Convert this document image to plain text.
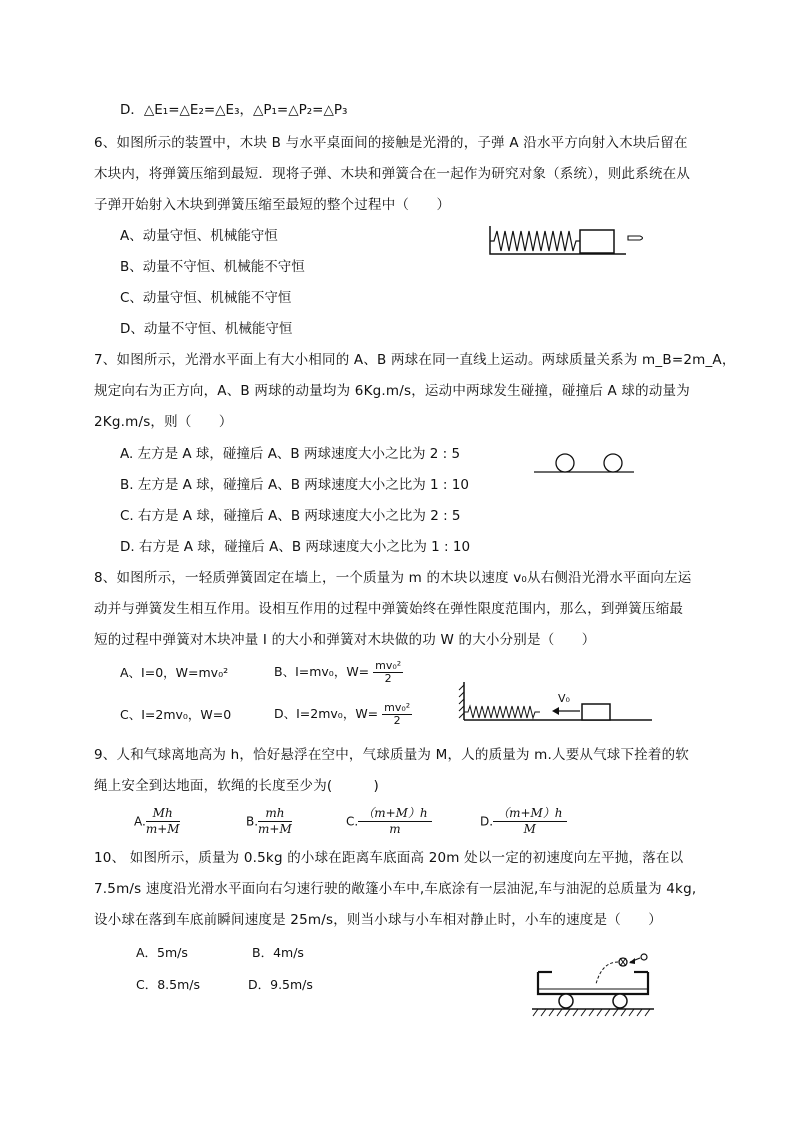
D．△E₁=△E₂=△E₃，△P₁=△P₂=△P₃
6、如图所示的装置中，木块 B 与水平桌面间的接触是光滑的，子弹 A 沿水平方向射入木块后留在
木块内，将弹簧压缩到最短．现将子弹、木块和弹簧合在一起作为研究对象（系统），则此系统在从
子弹开始射入木块到弹簧压缩至最短的整个过程中（　　）
A、动量守恒、机械能守恒
B、动量不守恒、机械能不守恒
C、动量守恒、机械能不守恒
D、动量不守恒、机械能守恒
7、如图所示，光滑水平面上有大小相同的 A、B 两球在同一直线上运动。两球质量关系为 m_B=2m_A，
规定向右为正方向，A、B 两球的动量均为 6Kg.m/s，运动中两球发生碰撞，碰撞后 A 球的动量为
2Kg.m/s，则（　　）
A. 左方是 A 球，碰撞后 A、B 两球速度大小之比为 2 : 5
B. 左方是 A 球，碰撞后 A、B 两球速度大小之比为 1 : 10
C. 右方是 A 球，碰撞后 A、B 两球速度大小之比为 2 : 5
D. 右方是 A 球，碰撞后 A、B 两球速度大小之比为 1 : 10
8、如图所示，一轻质弹簧固定在墙上，一个质量为 m 的木块以速度 v₀从右侧沿光滑水平面向左运
动并与弹簧发生相互作用。设相互作用的过程中弹簧始终在弹性限度范围内，那么，到弹簧压缩最
短的过程中弹簧对木块冲量 I 的大小和弹簧对木块做的功 W 的大小分别是（　　）
A、I=0，W=mv₀²	B、I=mv₀，$W= \frac{\text{mv₀²}}{2}$
C、I=2mv₀，W=0	D、I=2mv₀，$W= \frac{\text{mv₀²}}{2}$
V₀
9、人和气球离地高为 h，恰好悬浮在空中，气球质量为 M，人的质量为 m.人要从气球下拴着的软
绳上安全到达地面，软绳的长度至少为(　　　)
A. $\frac{Mh}{m+M}$	B. $\frac{mh}{m+M}$	C. $\frac{(m+M)h}{m}$	D. $\frac{(m+M)h}{M}$
10、 如图所示，质量为 0.5kg 的小球在距离车底面高 20m 处以一定的初速度向左平抛，落在以
7.5m/s 速度沿光滑水平面向右匀速行驶的敞篷小车中,车底涂有一层油泥,车与油泥的总质量为 4kg,
设小球在落到车底前瞬间速度是 25m/s，则当小球与小车相对静止时，小车的速度是（　　）
A．5m/s	B．4m/s
C．8.5m/s	D．9.5m/s
